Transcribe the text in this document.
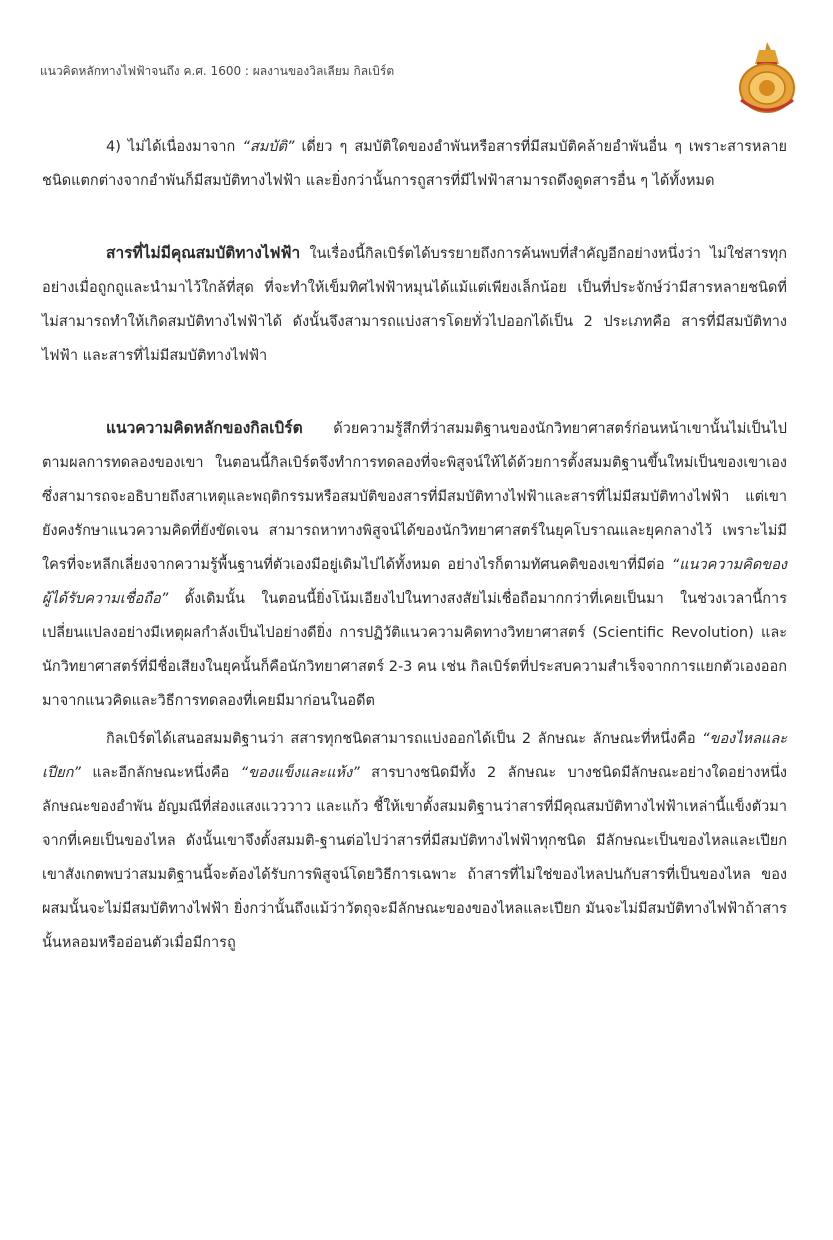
แนวคิดหลักทางไฟฟ้าจนถึง ค.ศ. 1600 : ผลงานของวิลเลียม กิลเบิร์ต

4) ไม่ได้เนื่องมาจาก “สมบัติ” เดี่ยว ๆ สมบัติใดของอำพันหรือสารที่มีสมบัติคล้ายอำพันอื่น ๆ เพราะสารหลายชนิดแตกต่างจากอำพันก็มีสมบัติทางไฟฟ้า และยิ่งกว่านั้นการถูสารที่มีไฟฟ้าสามารถดึงดูดสารอื่น ๆ ได้ทั้งหมด

สารที่ไม่มีคุณสมบัติทางไฟฟ้า ในเรื่องนี้กิลเบิร์ตได้บรรยายถึงการค้นพบที่สำคัญอีกอย่างหนึ่งว่า ไม่ใช่สารทุกอย่างเมื่อถูกถูและนำมาไว้ใกล้ที่สุด ที่จะทำให้เข็มทิศไฟฟ้าหมุนได้แม้แต่เพียงเล็กน้อย เป็นที่ประจักษ์ว่ามีสารหลายชนิดที่ไม่สามารถทำให้เกิดสมบัติทางไฟฟ้าได้ ดังนั้นจึงสามารถแบ่งสารโดยทั่วไปออกได้เป็น 2 ประเภทคือ สารที่มีสมบัติทางไฟฟ้า และสารที่ไม่มีสมบัติทางไฟฟ้า

แนวความคิดหลักของกิลเบิร์ต ด้วยความรู้สึกที่ว่าสมมติฐานของนักวิทยาศาสตร์ก่อนหน้าเขานั้นไม่เป็นไปตามผลการทดลองของเขา ในตอนนี้กิลเบิร์ตจึงทำการทดลองที่จะพิสูจน์ให้ได้ด้วยการตั้งสมมติฐานขึ้นใหม่เป็นของเขาเอง ซึ่งสามารถจะอธิบายถึงสาเหตุและพฤติกรรมหรือสมบัติของสารที่มีสมบัติทางไฟฟ้าและสารที่ไม่มีสมบัติทางไฟฟ้า แต่เขายังคงรักษาแนวความคิดที่ยังขัดเจน สามารถหาทางพิสูจน์ได้ของนักวิทยาศาสตร์ในยุคโบราณและยุคกลางไว้ เพราะไม่มีใครที่จะหลีกเลี่ยงจากความรู้พื้นฐานที่ตัวเองมีอยู่เดิมไปได้ทั้งหมด อย่างไรก็ตามทัศนคติของเขาที่มีต่อ “แนวความคิดของผู้ได้รับความเชื่อถือ” ดั้งเดิมนั้น ในตอนนี้ยิ่งโน้มเอียงไปในทางสงสัยไม่เชื่อถือมากกว่าที่เคยเป็นมา ในช่วงเวลานี้การเปลี่ยนแปลงอย่างมีเหตุผลกำลังเป็นไปอย่างดียิ่ง การปฏิวัติแนวความคิดทางวิทยาศาสตร์ (Scientific Revolution) และนักวิทยาศาสตร์ที่มีชื่อเสียงในยุคนั้นก็คือนักวิทยาศาสตร์ 2-3 คน เช่น กิลเบิร์ตที่ประสบความสำเร็จจากการแยกตัวเองออกมาจากแนวคิดและวิธีการทดลองที่เคยมีมาก่อนในอดีต

กิลเบิร์ตได้เสนอสมมติฐานว่า สสารทุกชนิดสามารถแบ่งออกได้เป็น 2 ลักษณะ ลักษณะที่หนึ่งคือ “ของไหลและเปียก” และอีกลักษณะหนึ่งคือ “ของแข็งและแห้ง” สารบางชนิดมีทั้ง 2 ลักษณะ บางชนิดมีลักษณะอย่างใดอย่างหนึ่ง ลักษณะของอำพัน อัญมณีที่ส่องแสงแวววาว และแก้ว ชี้ให้เขาตั้งสมมติฐานว่าสารที่มีคุณสมบัติทางไฟฟ้าเหล่านี้แข็งตัวมาจากที่เคยเป็นของไหล ดังนั้นเขาจึงตั้งสมมติ-ฐานต่อไปว่าสารที่มีสมบัติทางไฟฟ้าทุกชนิด มีลักษณะเป็นของไหลและเปียก เขาสังเกตพบว่าสมมติฐานนี้จะต้องได้รับการพิสูจน์โดยวิธีการเฉพาะ ถ้าสารที่ไม่ใช่ของไหลปนกับสารที่เป็นของไหล ของผสมนั้นจะไม่มีสมบัติทางไฟฟ้า ยิ่งกว่านั้นถึงแม้ว่าวัตถุจะมีลักษณะของของไหลและเปียก มันจะไม่มีสมบัติทางไฟฟ้าถ้าสารนั้นหลอมหรืออ่อนตัวเมื่อมีการถู
